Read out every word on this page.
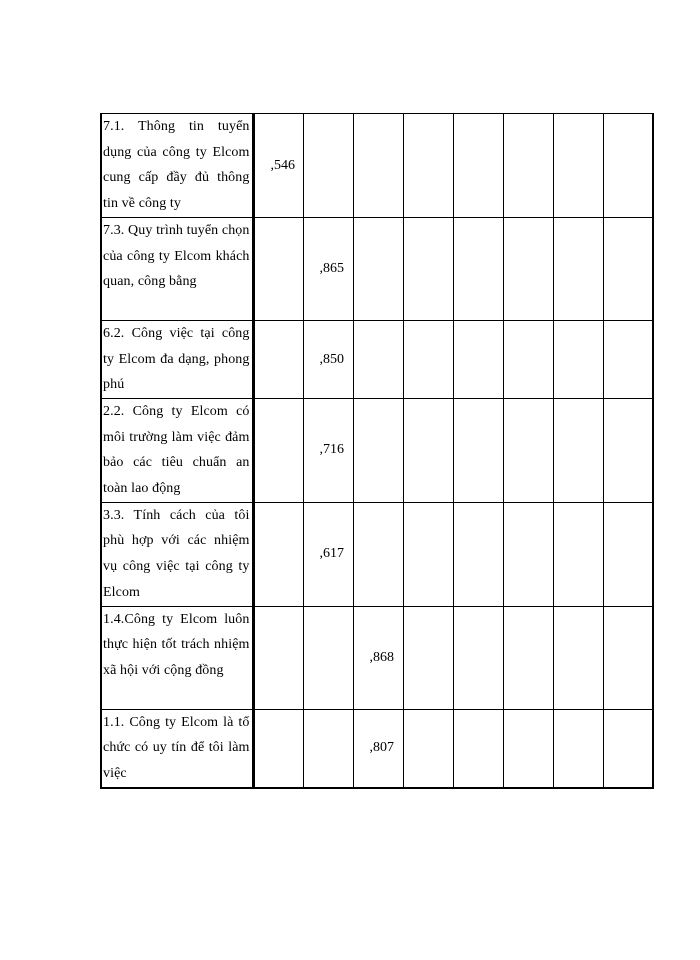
7.1. Thông tin tuyển dụng của công ty Elcom cung cấp đầy đủ thông tin về công ty	,546							

7.3. Quy trình tuyển chọn của công ty Elcom khách quan, công bằng		,865						

6.2. Công việc tại công ty Elcom đa dạng, phong phú		,850						

2.2. Công ty Elcom có môi trường làm việc đảm bảo các tiêu chuẩn an toàn lao động		,716						

3.3. Tính cách của tôi phù hợp với các nhiệm vụ công việc tại công ty Elcom		,617						

1.4.Công ty Elcom luôn thực hiện tốt trách nhiệm xã hội với cộng đồng			,868					

1.1. Công ty Elcom là tổ chức có uy tín để tôi làm việc			,807					
